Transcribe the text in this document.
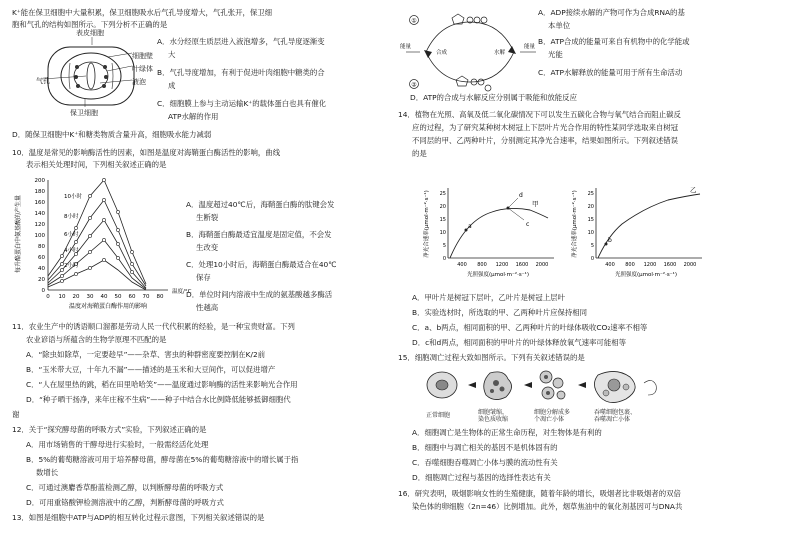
K⁺能在保卫细胞中大量积累，保卫细胞吸水后气孔导度增大，气孔张开，保卫细
胞和气孔的结构如图所示。下列分析不正确的是
表皮细胞
气孔
细胞壁
叶绿体
液泡
保卫细胞
A．水分经原生质层进入液泡增多，气孔导度逐渐变
大
B．气孔导度增加，有利于促进叶肉细胞中糖类的合
成
C．细胞膜上参与主动运输K⁺的载体蛋白也具有催化
ATP水解的作用
D．随保卫细胞中K⁺和糖类物质含量升高，细胞吸水能力减弱
10．温度是常见的影响酶活性的因素，如图是温度对海鞘蛋白酶活性的影响，曲线
表示相关处理时间，下列相关叙述正确的是
每升酪蛋白中氨基酸的产生量
0
20
40
60
80
100
120
140
160
180
200
0 10 20 30 40 50 60 70 80
温度/°C
温度对海鞘蛋白酶作用的影响
10小时
8小时
6小时
4小时
2小时
A．温度超过40℃后，海鞘蛋白酶的肽键会发
生断裂
B．海鞘蛋白酶最适宜温度是固定值，不会发
生改变
C．处理10小时后，海鞘蛋白酶最适合在40℃
保存
D．单位时间内溶液中生成的氨基酸越多酶活
性越高
11．农业生产中的诱语顺口溜都是劳动人民一代代积累的经验，是一种宝贵财富。下列
农业谚语与所蕴含的生物学原理不匹配的是
A．“除虫如除草，一定要趁早”——杂草、害虫的种群密度要控制在K/2前
B．“玉米带大豆，十年九不漏”——描述的是玉米和大豆间作，可以促进增产
C．“人在屋里热的跳，稻在田里哈哈笑”——温度通过影响酶的活性来影响光合作用
D．“种子晒干扬净，来年庄稼不生病”——种子中结合水比例降低能够抵御细胞代
谢
12．关于“探究酵母菌的呼吸方式”实验，下列叙述正确的是
A．用市场销售的干酵母进行实验时，一般需经活化处理
B．5%的葡萄糖溶液可用于培养酵母菌，酵母菌在5%的葡萄糖溶液中的增长属于指
数增长
C．可通过澳麝香草酚蓝检测乙醇，以判断酵母菌的呼吸方式
D．可用重铬酸钾检测溶液中的乙醇，判断酵母菌的呼吸方式
13．如图是细胞中ATP与ADP的相互转化过程示意图，下列相关叙述错误的是
①
②
能量	能量
合成	水解
A．ADP接续水解的产物可作为合成RNA的基
本单位
B．ATP合成的能量可来自有机物中的化学能或
光能
C．ATP水解释放的能量可用于所有生命活动
D．ATP的合成与水解反应分别属于吸能和放能反应
14．植物在光照、高氧及低二氧化碳情况下可以发生五碳化合物与氧气结合而阻止碳反
应的过程，为了研究某种树木树冠上下层叶片光合作用的特性某同学选取来自树冠
不同层的甲、乙两种叶片，分别测定其净光合速率，结果如图所示。下列叙述错误
的是
净光合速率(μmol·m⁻²·s⁻¹)
0
5
10
15
20
25
400 800 1200 1600 2000
光照强度(μmol·m⁻²·s⁻¹)
a	c
d
甲	净光合速率(μmol·m⁻²·s⁻¹)
0
5
10
15
20
25
400 800 1200 1600 2000
光照强度(μmol·m⁻²·s⁻¹)
b
乙
A．甲叶片是树冠下层叶，乙叶片是树冠上层叶
B．实验选材时，所选取的甲、乙两种叶片应保持相同
C．a、b两点，相同面积的甲、乙两种叶片的叶绿体吸收CO₂速率不相等
D．c和d两点，相同面积的甲叶片的叶绿体释放氧气速率可能相等
15．细胞凋亡过程大致如图所示。下列有关叙述错误的是
正常细胞	细胞皱缩，
染色质收缩
细胞分解成多
个凋亡小体
吞噬细胞包裹、
吞噬凋亡小体
A．细胞凋亡是生物体的正常生命历程，对生物体是有利的
B．细胞中与凋亡相关的基因不是机体固有的
C．吞噬细胞吞噬凋亡小体与膜的流动性有关
D．细胞凋亡过程与基因的选择性表达有关
16．研究表明，吸烟影响女性的生殖健康，随着年龄的增长，吸烟者比非吸烟者的双倍
染色体的卵细胞（2n=46）比例增加。此外，烟草焦油中的氧化剂基因可与DNA共
